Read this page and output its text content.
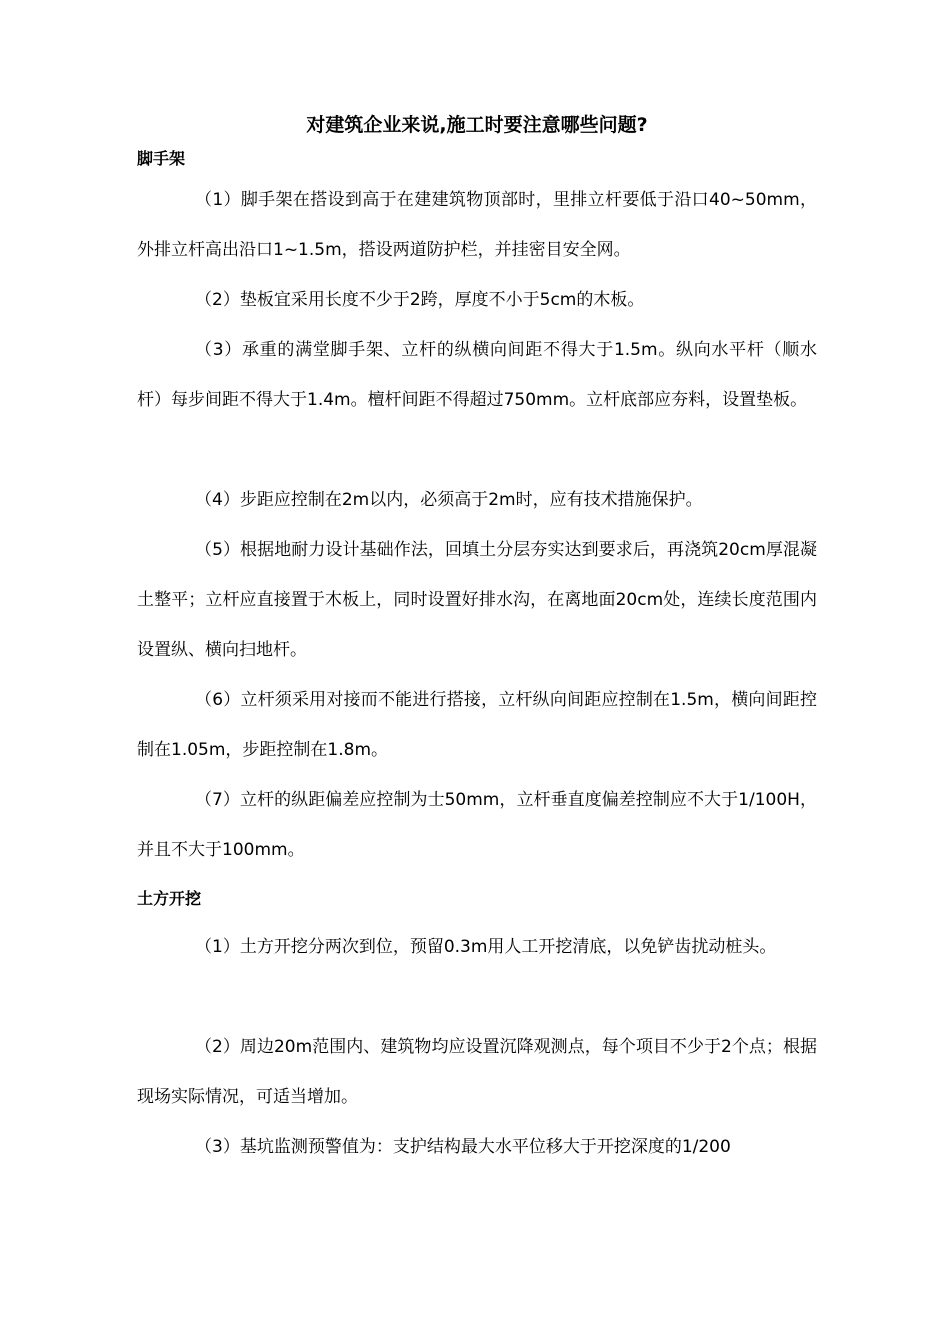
对建筑企业来说,施工时要注意哪些问题?
脚手架

（1）脚手架在搭设到高于在建建筑物顶部时，里排立杆要低于沿口40~50mm，外排立杆高出沿口1~1.5m，搭设两道防护栏，并挂密目安全网。

（2）垫板宜采用长度不少于2跨，厚度不小于5cm的木板。

（3）承重的满堂脚手架、立杆的纵横向间距不得大于1.5m。纵向水平杆（顺水杆）每步间距不得大于1.4m。檀杆间距不得超过750mm。立杆底部应夯料，设置垫板。

（4）步距应控制在2m以内，必须高于2m时，应有技术措施保护。

（5）根据地耐力设计基础作法，回填土分层夯实达到要求后，再浇筑20cm厚混凝土整平；立杆应直接置于木板上，同时设置好排水沟，在离地面20cm处，连续长度范围内设置纵、横向扫地杆。

（6）立杆须采用对接而不能进行搭接，立杆纵向间距应控制在1.5m，横向间距控制在1.05m，步距控制在1.8m。

（7）立杆的纵距偏差应控制为士50mm，立杆垂直度偏差控制应不大于1/100H，并且不大于100mm。

土方开挖

（1）土方开挖分两次到位，预留0.3m用人工开挖清底，以免铲齿扰动桩头。

（2）周边20m范围内、建筑物均应设置沉降观测点，每个项目不少于2个点；根据现场实际情况，可适当增加。

（3）基坑监测预警值为：支护结构最大水平位移大于开挖深度的1/200
